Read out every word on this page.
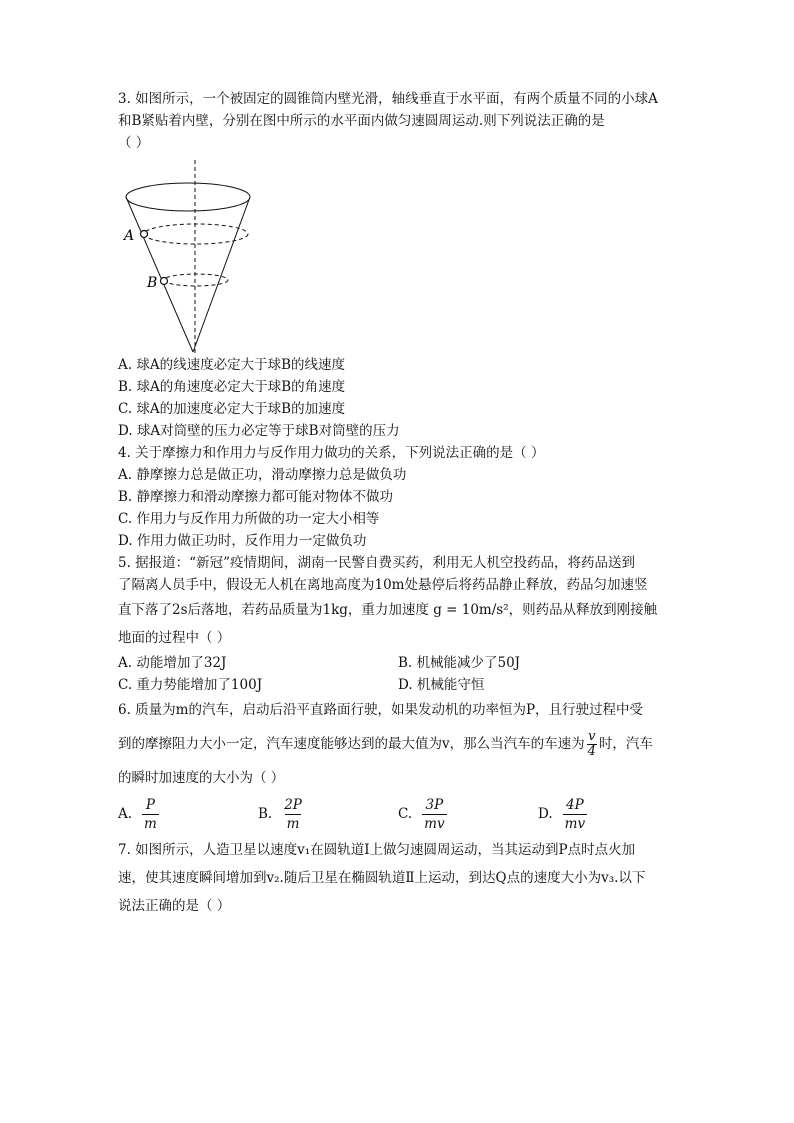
3. 如图所示，一个被固定的圆锥筒内壁光滑，轴线垂直于水平面，有两个质量不同的小球A
和B紧贴着内壁，分别在图中所示的水平面内做匀速圆周运动.则下列说法正确的是
（ ）
A. 球A的线速度必定大于球B的线速度
B. 球A的角速度必定大于球B的角速度
C. 球A的加速度必定大于球B的加速度
D. 球A对筒壁的压力必定等于球B对筒壁的压力
4. 关于摩擦力和作用力与反作用力做功的关系，下列说法正确的是（ ）
A. 静摩擦力总是做正功，滑动摩擦力总是做负功
B. 静摩擦力和滑动摩擦力都可能对物体不做功
C. 作用力与反作用力所做的功一定大小相等
D. 作用力做正功时，反作用力一定做负功
5. 据报道：“新冠”疫情期间，湖南一民警自费买药，利用无人机空投药品，将药品送到
了隔离人员手中，假设无人机在离地高度为10m处悬停后将药品静止释放，药品匀加速竖
直下落了2s后落地，若药品质量为1kg，重力加速度 g = 10m/s²，则药品从释放到刚接触
地面的过程中（ ）
A. 动能增加了32J	B. 机械能减少了50J
C. 重力势能增加了100J	D. 机械能守恒
6. 质量为m的汽车，启动后沿平直路面行驶，如果发动机的功率恒为P，且行驶过程中受
到的摩擦阻力大小一定，汽车速度能够达到的最大值为v，那么当汽车的车速为 $\frac{v}{4}$ 时，汽车
的瞬时加速度的大小为（ ）
A. $\frac{P}{m}$	B. $\frac{2P}{m}$	C. $\frac{3P}{mv}$	D. $\frac{4P}{mv}$
7. 如图所示，人造卫星以速度v₁在圆轨道Ⅰ上做匀速圆周运动，当其运动到P点时点火加
速，使其速度瞬间增加到v₂.随后卫星在椭圆轨道Ⅱ上运动，到达Q点的速度大小为v₃.以下
说法正确的是（ ）
A
B
